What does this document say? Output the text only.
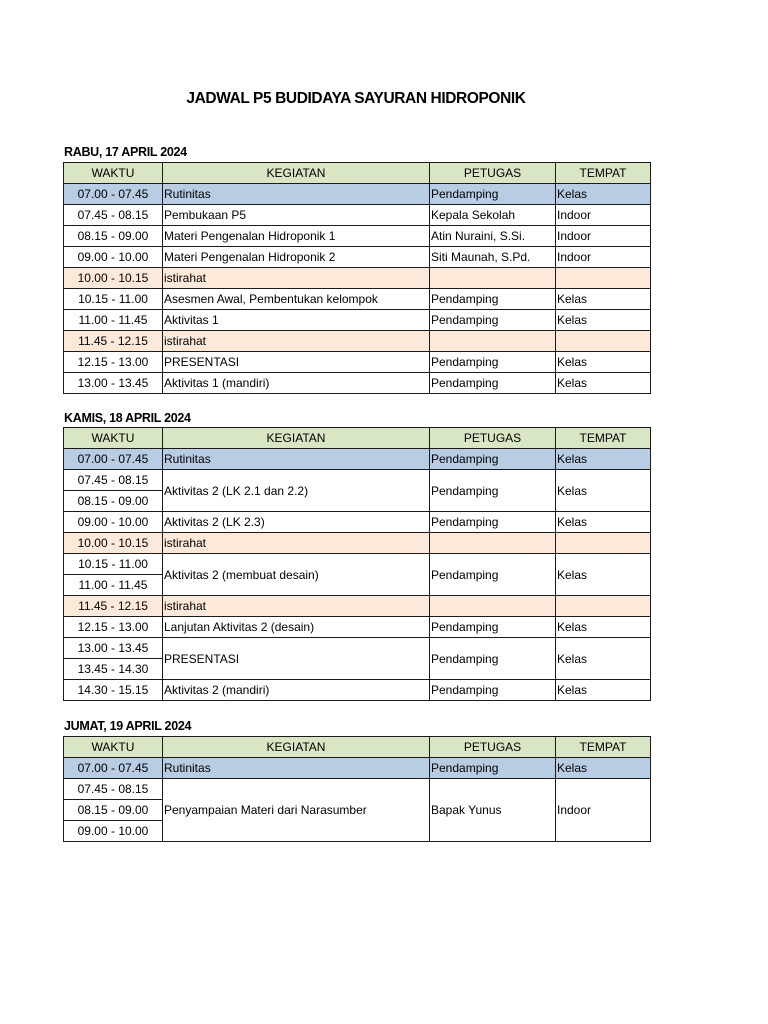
JADWAL P5 BUDIDAYA SAYURAN HIDROPONIK
RABU, 17 APRIL 2024
WAKTU	KEGIATAN	PETUGAS	TEMPAT
07.00 - 07.45	Rutinitas	Pendamping	Kelas
07.45 - 08.15	Pembukaan P5	Kepala Sekolah	Indoor
08.15 - 09.00	Materi Pengenalan Hidroponik 1	Atin Nuraini, S.Si.	Indoor
09.00 - 10.00	Materi Pengenalan Hidroponik 2	Siti Maunah, S.Pd.	Indoor
10.00 - 10.15	istirahat		
10.15 - 11.00	Asesmen Awal, Pembentukan kelompok	Pendamping	Kelas
11.00 - 11.45	Aktivitas 1	Pendamping	Kelas
11.45 - 12.15	istirahat		
12.15 - 13.00	PRESENTASI	Pendamping	Kelas
13.00 - 13.45	Aktivitas 1 (mandiri)	Pendamping	Kelas
KAMIS, 18 APRIL 2024
WAKTU	KEGIATAN	PETUGAS	TEMPAT
07.00 - 07.45	Rutinitas	Pendamping	Kelas
07.45 - 08.15	Aktivitas 2 (LK 2.1 dan 2.2)	Pendamping	Kelas
08.15 - 09.00			
09.00 - 10.00	Aktivitas 2 (LK 2.3)	Pendamping	Kelas
10.00 - 10.15	istirahat		
10.15 - 11.00	Aktivitas 2 (membuat desain)	Pendamping	Kelas
11.00 - 11.45			
11.45 - 12.15	istirahat		
12.15 - 13.00	Lanjutan Aktivitas 2 (desain)	Pendamping	Kelas
13.00 - 13.45	PRESENTASI	Pendamping	Kelas
13.45 - 14.30			
14.30 - 15.15	Aktivitas 2 (mandiri)	Pendamping	Kelas
JUMAT, 19 APRIL 2024
WAKTU	KEGIATAN	PETUGAS	TEMPAT
07.00 - 07.45	Rutinitas	Pendamping	Kelas
07.45 - 08.15	Penyampaian Materi dari Narasumber	Bapak Yunus	Indoor
08.15 - 09.00			
09.00 - 10.00			
